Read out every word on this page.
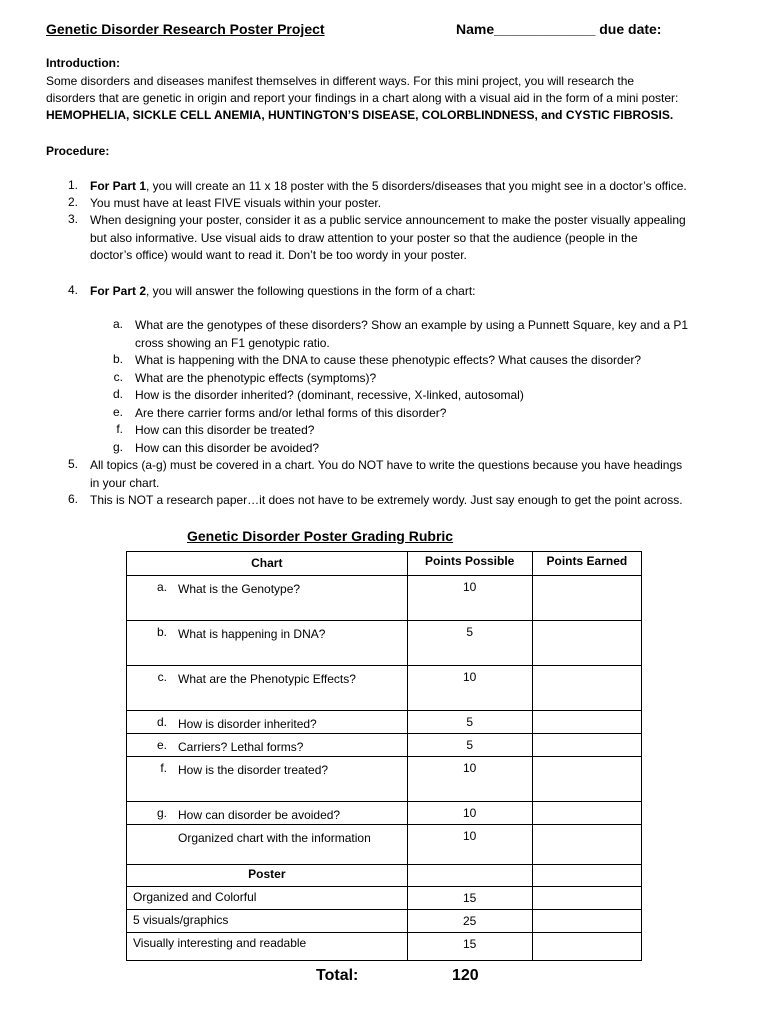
Genetic Disorder Research Poster Project	Name_____________ due date:
Introduction:
Some disorders and diseases manifest themselves in different ways. For this mini project, you will research the
disorders that are genetic in origin and report your findings in a chart along with a visual aid in the form of a mini poster:
HEMOPHELIA, SICKLE CELL ANEMIA, HUNTINGTON’S DISEASE, COLORBLINDNESS, and CYSTIC FIBROSIS.
Procedure:
1. For Part 1, you will create an 11 x 18 poster with the 5 disorders/diseases that you might see in a doctor’s office.
2. You must have at least FIVE visuals within your poster.
3. When designing your poster, consider it as a public service announcement to make the poster visually appealing
but also informative. Use visual aids to draw attention to your poster so that the audience (people in the
doctor’s office) would want to read it. Don’t be too wordy in your poster.
4. For Part 2, you will answer the following questions in the form of a chart:
a. What are the genotypes of these disorders? Show an example by using a Punnett Square, key and a P1
cross showing an F1 genotypic ratio.
b. What is happening with the DNA to cause these phenotypic effects? What causes the disorder?
c. What are the phenotypic effects (symptoms)?
d. How is the disorder inherited? (dominant, recessive, X-linked, autosomal)
e. Are there carrier forms and/or lethal forms of this disorder?
f. How can this disorder be treated?
g. How can this disorder be avoided?
5. All topics (a-g) must be covered in a chart. You do NOT have to write the questions because you have headings
in your chart.
6. This is NOT a research paper…it does not have to be extremely wordy. Just say enough to get the point across.
Genetic Disorder Poster Grading Rubric
Chart	Points Possible	Points Earned

a. What is the Genotype?	10	

b. What is happening in DNA?	5	

c. What are the Phenotypic Effects?	10	

d. How is disorder inherited?	5	

e. Carriers? Lethal forms?	5	

f. How is the disorder treated?	10	

g. How can disorder be avoided?	10	

Organized chart with the information	10	
Poster		
Organized and Colorful	15	
5 visuals/graphics	25	
Visually interesting and readable	15	
Total:	120
